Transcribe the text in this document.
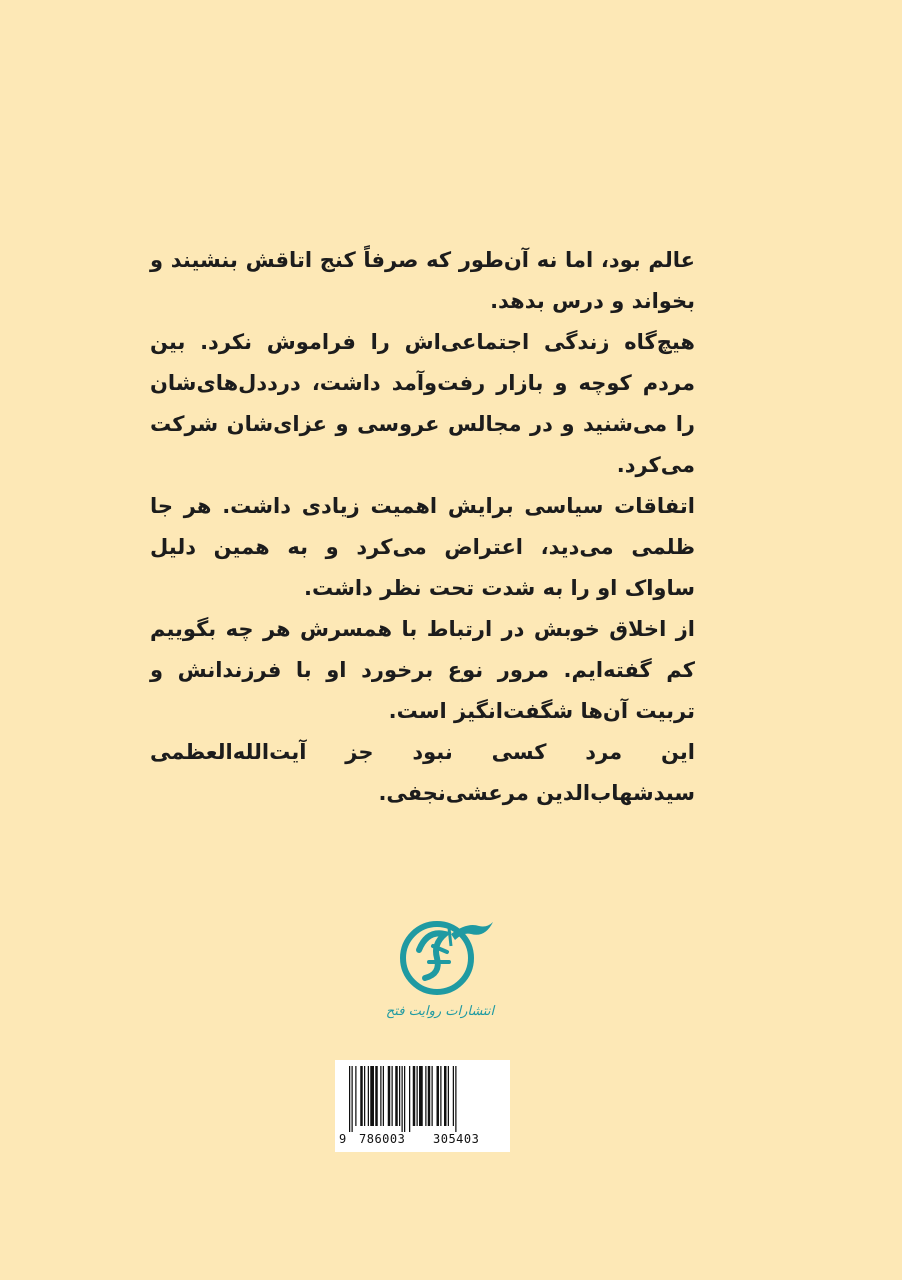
عالم بود، اما نه آن‌طور که صرفاً کنج اتاقش بنشیند و بخواند و درس بدهد.

هیچ‌گاه زندگی اجتماعی‌اش را فراموش نکرد. بین مردم کوچه و بازار رفت‌وآمد داشت، درددل‌های‌شان را می‌شنید و در مجالس عروسی و عزای‌شان شرکت می‌کرد.

اتفاقات سیاسی برایش اهمیت زیادی داشت. هر جا ظلمی می‌دید، اعتراض می‌کرد و به همین دلیل ساواک او را به شدت تحت نظر داشت.

از اخلاق خوبش در ارتباط با همسرش هر چه بگوییم کم گفته‌ایم. مرور نوع برخورد او با فرزندانش و تربیت آن‌ها شگفت‌انگیز است.

این مرد کسی نبود جز آیت‌الله‌العظمی سیدشهاب‌الدین مرعشی‌نجفی.

انتشارات روایت فتح
9 786003 305403
